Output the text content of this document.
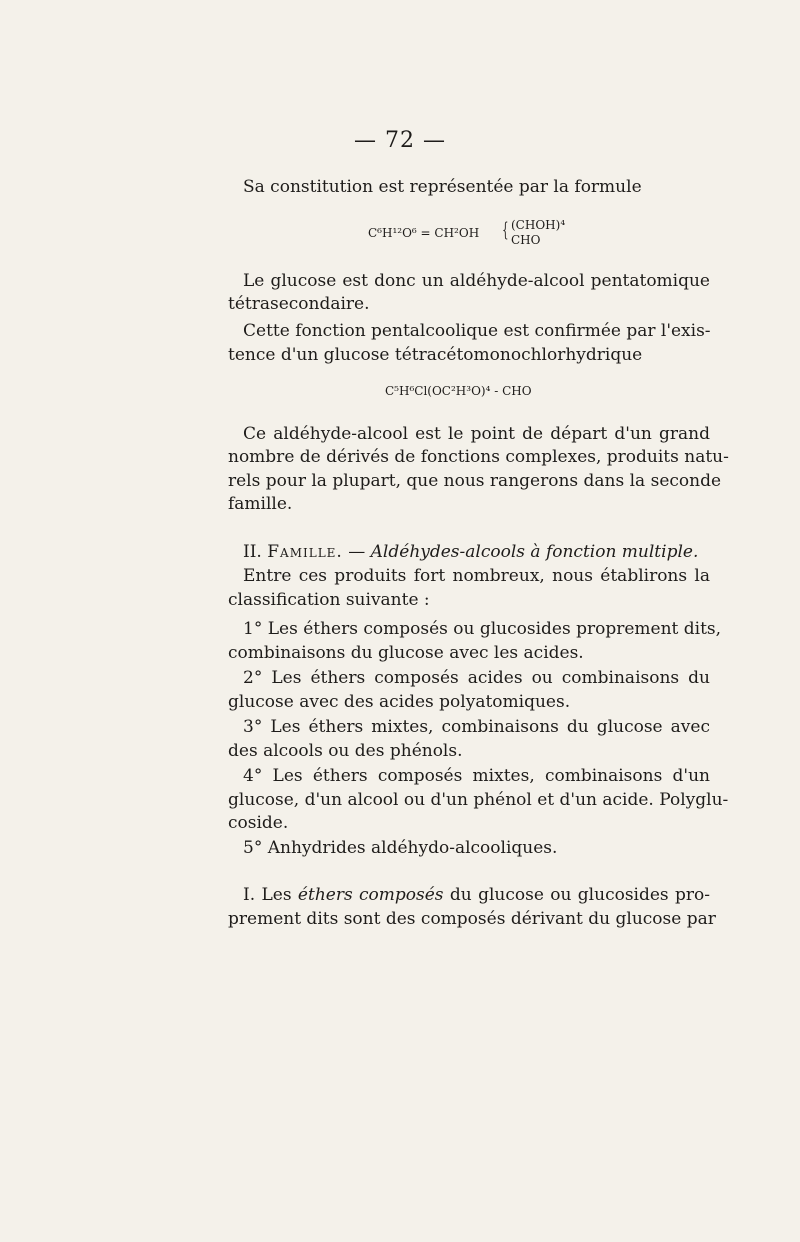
— 72 —
Sa constitution est représentée par la formule
C⁶H¹²O⁶ = CH²OH { (CHOH)⁴
CHO
Le glucose est donc un aldéhyde-alcool pentatomique
tétrasecondaire.
Cette fonction pentalcoolique est confirmée par l'exis-
tence d'un glucose tétracétomonochlorhydrique
C⁵H⁶Cl(OC²H³O)⁴ - CHO
Ce aldéhyde-alcool est le point de départ d'un grand
nombre de dérivés de fonctions complexes, produits natu-
rels pour la plupart, que nous rangerons dans la seconde
famille.
II. Famille. — Aldéhydes-alcools à fonction multiple.
Entre ces produits fort nombreux, nous établirons la
classification suivante :
1° Les éthers composés ou glucosides proprement dits,
combinaisons du glucose avec les acides.
2° Les éthers composés acides ou combinaisons du
glucose avec des acides polyatomiques.
3° Les éthers mixtes, combinaisons du glucose avec
des alcools ou des phénols.
4° Les éthers composés mixtes, combinaisons d'un
glucose, d'un alcool ou d'un phénol et d'un acide. Polyglu-
coside.
5° Anhydrides aldéhydo-alcooliques.
I. Les éthers composés du glucose ou glucosides pro-
prement dits sont des composés dérivant du glucose par
